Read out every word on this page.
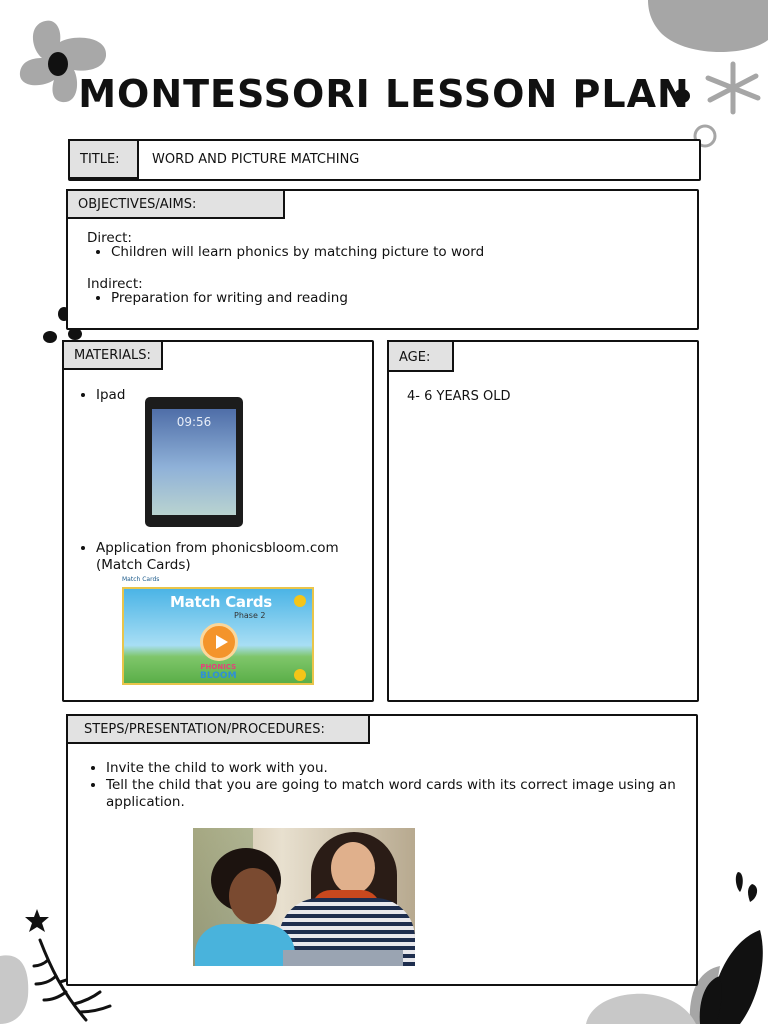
MONTESSORI LESSON PLAN
TITLE:	WORD AND PICTURE MATCHING
OBJECTIVES/AIMS:
Direct:
• Children will learn phonics by matching picture to word
Indirect:
• Preparation for writing and reading
MATERIALS:
• Ipad
09:56
• Application from phonicsbloom.com
(Match Cards)
Match Cards
Match Cards
Phase 2
PHONICS
BLOOM
AGE:
4- 6 YEARS OLD
STEPS/PRESENTATION/PROCEDURES:
• Invite the child to work with you.
• Tell the child that you are going to match word cards with its correct image using an application.
